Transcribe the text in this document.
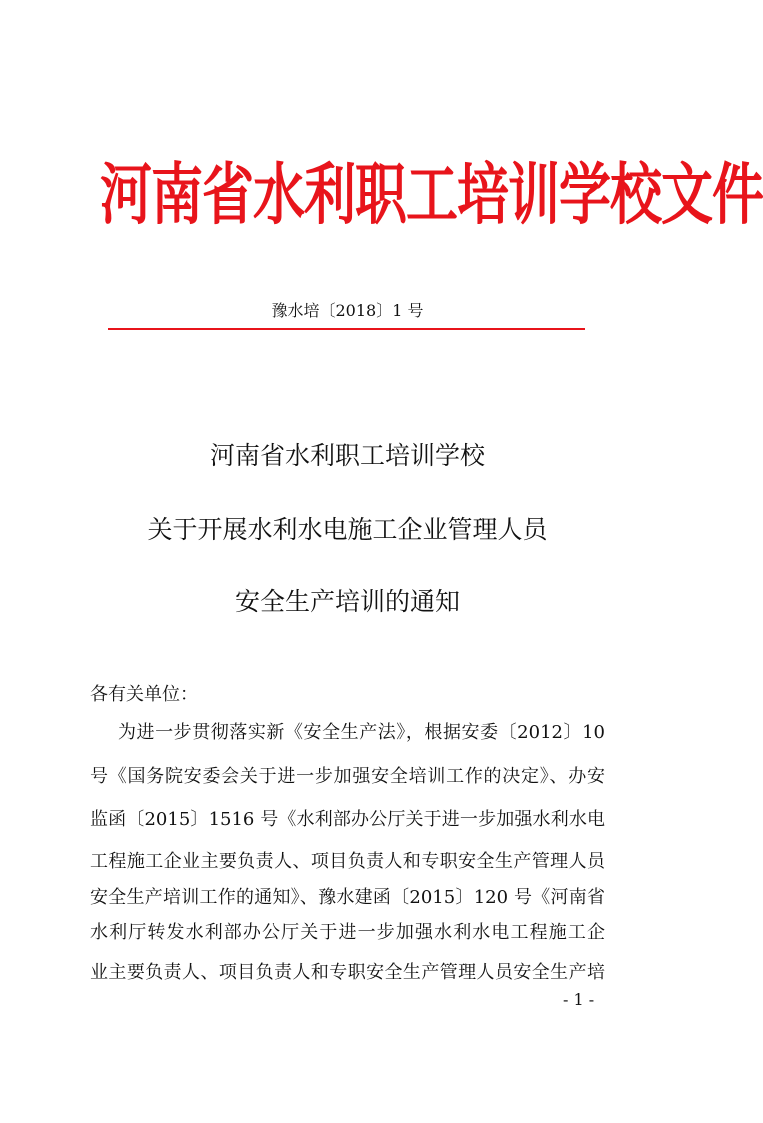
河南省水利职工培训学校文件
豫水培〔2018〕1 号
河南省水利职工培训学校
关于开展水利水电施工企业管理人员
安全生产培训的通知
各有关单位：
为进一步贯彻落实新《安全生产法》，根据安委〔2012〕10
号《国务院安委会关于进一步加强安全培训工作的决定》、办安
监函〔2015〕1516 号《水利部办公厅关于进一步加强水利水电
工程施工企业主要负责人、项目负责人和专职安全生产管理人员
安全生产培训工作的通知》、豫水建函〔2015〕120 号《河南省
水利厅转发水利部办公厅关于进一步加强水利水电工程施工企
业主要负责人、项目负责人和专职安全生产管理人员安全生产培
- 1 -
